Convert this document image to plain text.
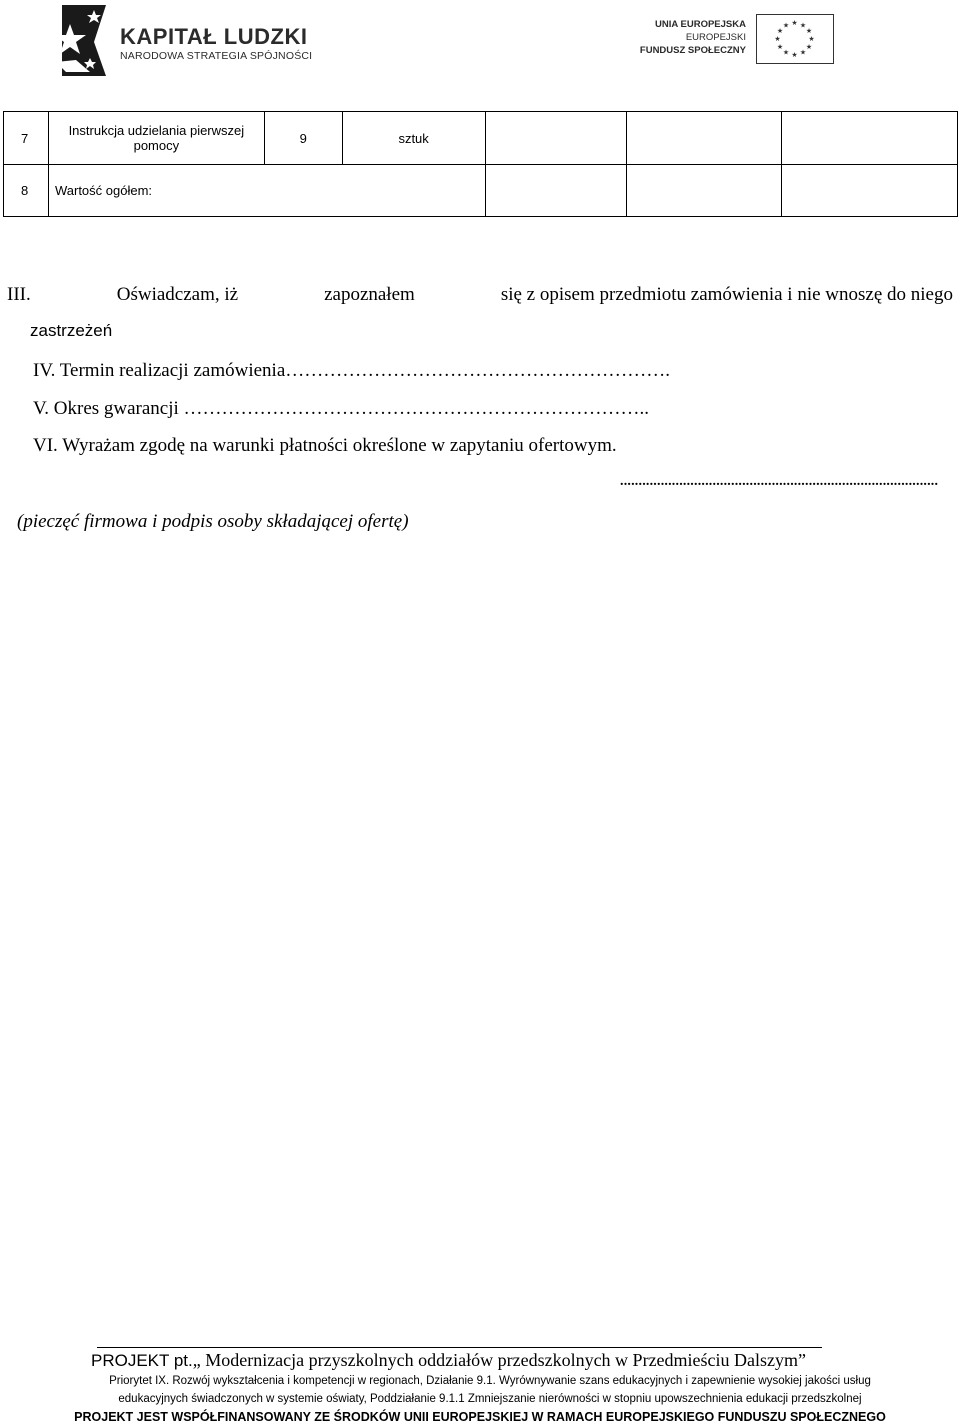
KAPITAŁ LUDZKI
NARODOWA STRATEGIA SPÓJNOŚCI
UNIA EUROPEJSKA
EUROPEJSKI
FUNDUSZ SPOŁECZNY
★ ★
★
★
★
★
★
★
★
★
★
★
7	Instrukcja udzielania pierwszej pomocy	9	sztuk			
8	Wartość ogółem:					
III.	Oświadczam, iż	zapoznałem	się z opisem przedmiotu zamówienia i nie wnoszę do niego
zastrzeżeń
IV. Termin realizacji zamówienia…………………………………………………….
V. Okres gwarancji ………………………………………………………………..
VI. Wyrażam zgodę na warunki płatności określone w zapytaniu ofertowym.
......................................................................................
(pieczęć firmowa i podpis osoby składającej ofertę)
PROJEKT pt.„ Modernizacja przyszkolnych oddziałów przedszkolnych w Przedmieściu Dalszym”
Priorytet IX. Rozwój wykształcenia i kompetencji w regionach, Działanie 9.1. Wyrównywanie szans edukacyjnych i zapewnienie wysokiej jakości usług
edukacyjnych świadczonych w systemie oświaty, Poddziałanie 9.1.1 Zmniejszanie nierówności w stopniu upowszechnienia edukacji przedszkolnej
PROJEKT JEST WSPÓŁFINANSOWANY ZE ŚRODKÓW UNII EUROPEJSKIEJ W RAMACH EUROPEJSKIEGO FUNDUSZU SPOŁECZNEGO
